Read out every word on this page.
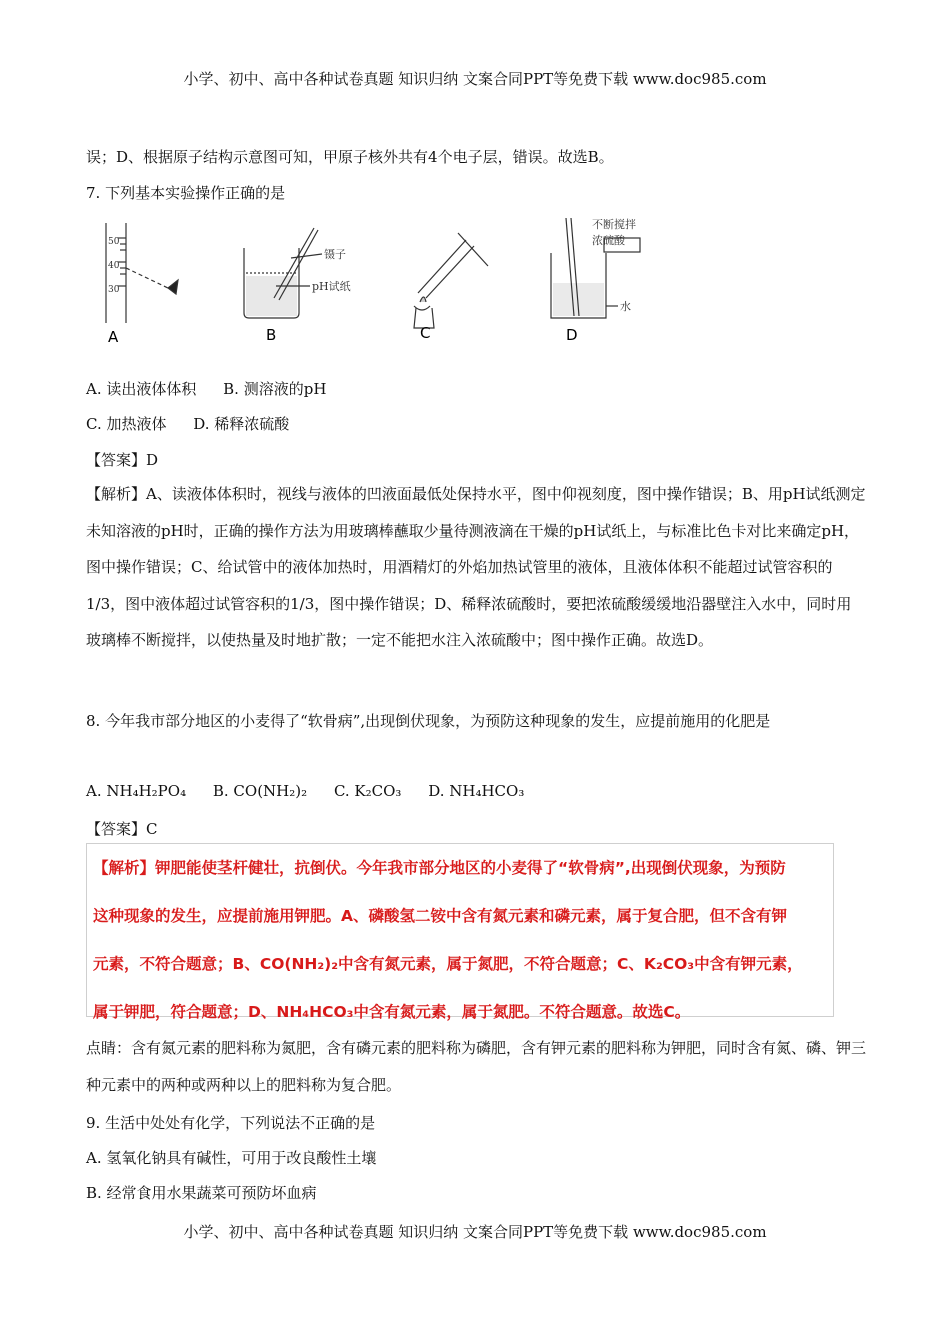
小学、初中、高中各种试卷真题 知识归纳 文案合同PPT等免费下载 www.doc985.com
误；D、根据原子结构示意图可知，甲原子核外共有4个电子层，错误。故选B。
7. 下列基本实验操作正确的是
50
40
30
A
镊子
pH试纸
B	C
不断搅拌
浓硫酸
水
D
A. 读出液体体积 B. 测溶液的pH
C. 加热液体 D. 稀释浓硫酸
【答案】D
【解析】A、读液体体积时，视线与液体的凹液面最低处保持水平，图中仰视刻度，图中操作错误；B、用pH试纸测定未知溶液的pH时，正确的操作方法为用玻璃棒蘸取少量待测液滴在干燥的pH试纸上，与标准比色卡对比来确定pH，图中操作错误；C、给试管中的液体加热时，用酒精灯的外焰加热试管里的液体，且液体体积不能超过试管容积的1/3，图中液体超过试管容积的1/3，图中操作错误；D、稀释浓硫酸时，要把浓硫酸缓缓地沿器壁注入水中，同时用玻璃棒不断搅拌，以使热量及时地扩散；一定不能把水注入浓硫酸中；图中操作正确。故选D。
8. 今年我市部分地区的小麦得了“软骨病”,出现倒伏现象，为预防这种现象的发生，应提前施用的化肥是
A. NH₄H₂PO₄ B. CO(NH₂)₂ C. K₂CO₃ D. NH₄HCO₃
【答案】C
【解析】钾肥能使茎杆健壮，抗倒伏。今年我市部分地区的小麦得了“软骨病”,出现倒伏现象，为预防
这种现象的发生，应提前施用钾肥。A、磷酸氢二铵中含有氮元素和磷元素，属于复合肥，但不含有钾
元素，不符合题意；B、CO(NH₂)₂中含有氮元素，属于氮肥，不符合题意；C、K₂CO₃中含有钾元素，
属于钾肥，符合题意；D、NH₄HCO₃中含有氮元素，属于氮肥。不符合题意。故选C。
点睛：含有氮元素的肥料称为氮肥，含有磷元素的肥料称为磷肥，含有钾元素的肥料称为钾肥，同时含有氮、磷、钾三种元素中的两种或两种以上的肥料称为复合肥。
9. 生活中处处有化学，下列说法不正确的是
A. 氢氧化钠具有碱性，可用于改良酸性土壤
B. 经常食用水果蔬菜可预防坏血病
小学、初中、高中各种试卷真题 知识归纳 文案合同PPT等免费下载 www.doc985.com
